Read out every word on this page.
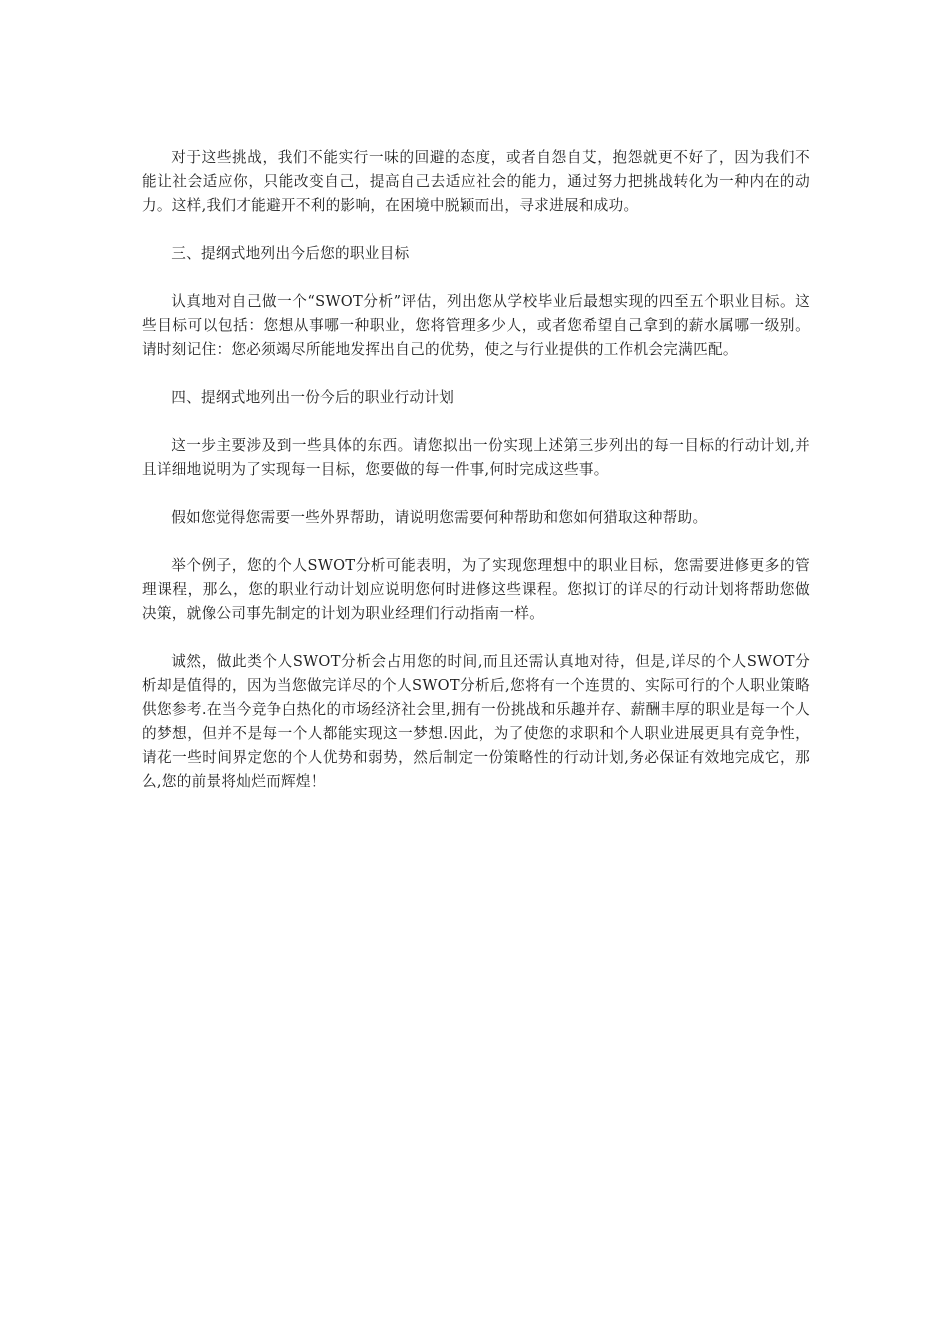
对于这些挑战，我们不能实行一味的回避的态度，或者自怨自艾，抱怨就更不好了，因为我们不能让社会适应你，只能改变自己，提高自己去适应社会的能力，通过努力把挑战转化为一种内在的动力。这样,我们才能避开不利的影响，在困境中脱颖而出，寻求进展和成功。

三、提纲式地列出今后您的职业目标

认真地对自己做一个“SWOT分析”评估，列出您从学校毕业后最想实现的四至五个职业目标。这些目标可以包括：您想从事哪一种职业，您将管理多少人，或者您希望自己拿到的薪水属哪一级别。请时刻记住：您必须竭尽所能地发挥出自己的优势，使之与行业提供的工作机会完满匹配。

四、提纲式地列出一份今后的职业行动计划

这一步主要涉及到一些具体的东西。请您拟出一份实现上述第三步列出的每一目标的行动计划,并且详细地说明为了实现每一目标，您要做的每一件事,何时完成这些事。

假如您觉得您需要一些外界帮助，请说明您需要何种帮助和您如何猎取这种帮助。

举个例子，您的个人SWOT分析可能表明，为了实现您理想中的职业目标，您需要进修更多的管理课程，那么，您的职业行动计划应说明您何时进修这些课程。您拟订的详尽的行动计划将帮助您做决策，就像公司事先制定的计划为职业经理们行动指南一样。

诚然，做此类个人SWOT分析会占用您的时间,而且还需认真地对待，但是,详尽的个人SWOT分析却是值得的，因为当您做完详尽的个人SWOT分析后,您将有一个连贯的、实际可行的个人职业策略供您参考.在当今竞争白热化的市场经济社会里,拥有一份挑战和乐趣并存、薪酬丰厚的职业是每一个人的梦想，但并不是每一个人都能实现这一梦想.因此，为了使您的求职和个人职业进展更具有竞争性，请花一些时间界定您的个人优势和弱势，然后制定一份策略性的行动计划,务必保证有效地完成它，那么,您的前景将灿烂而辉煌！
